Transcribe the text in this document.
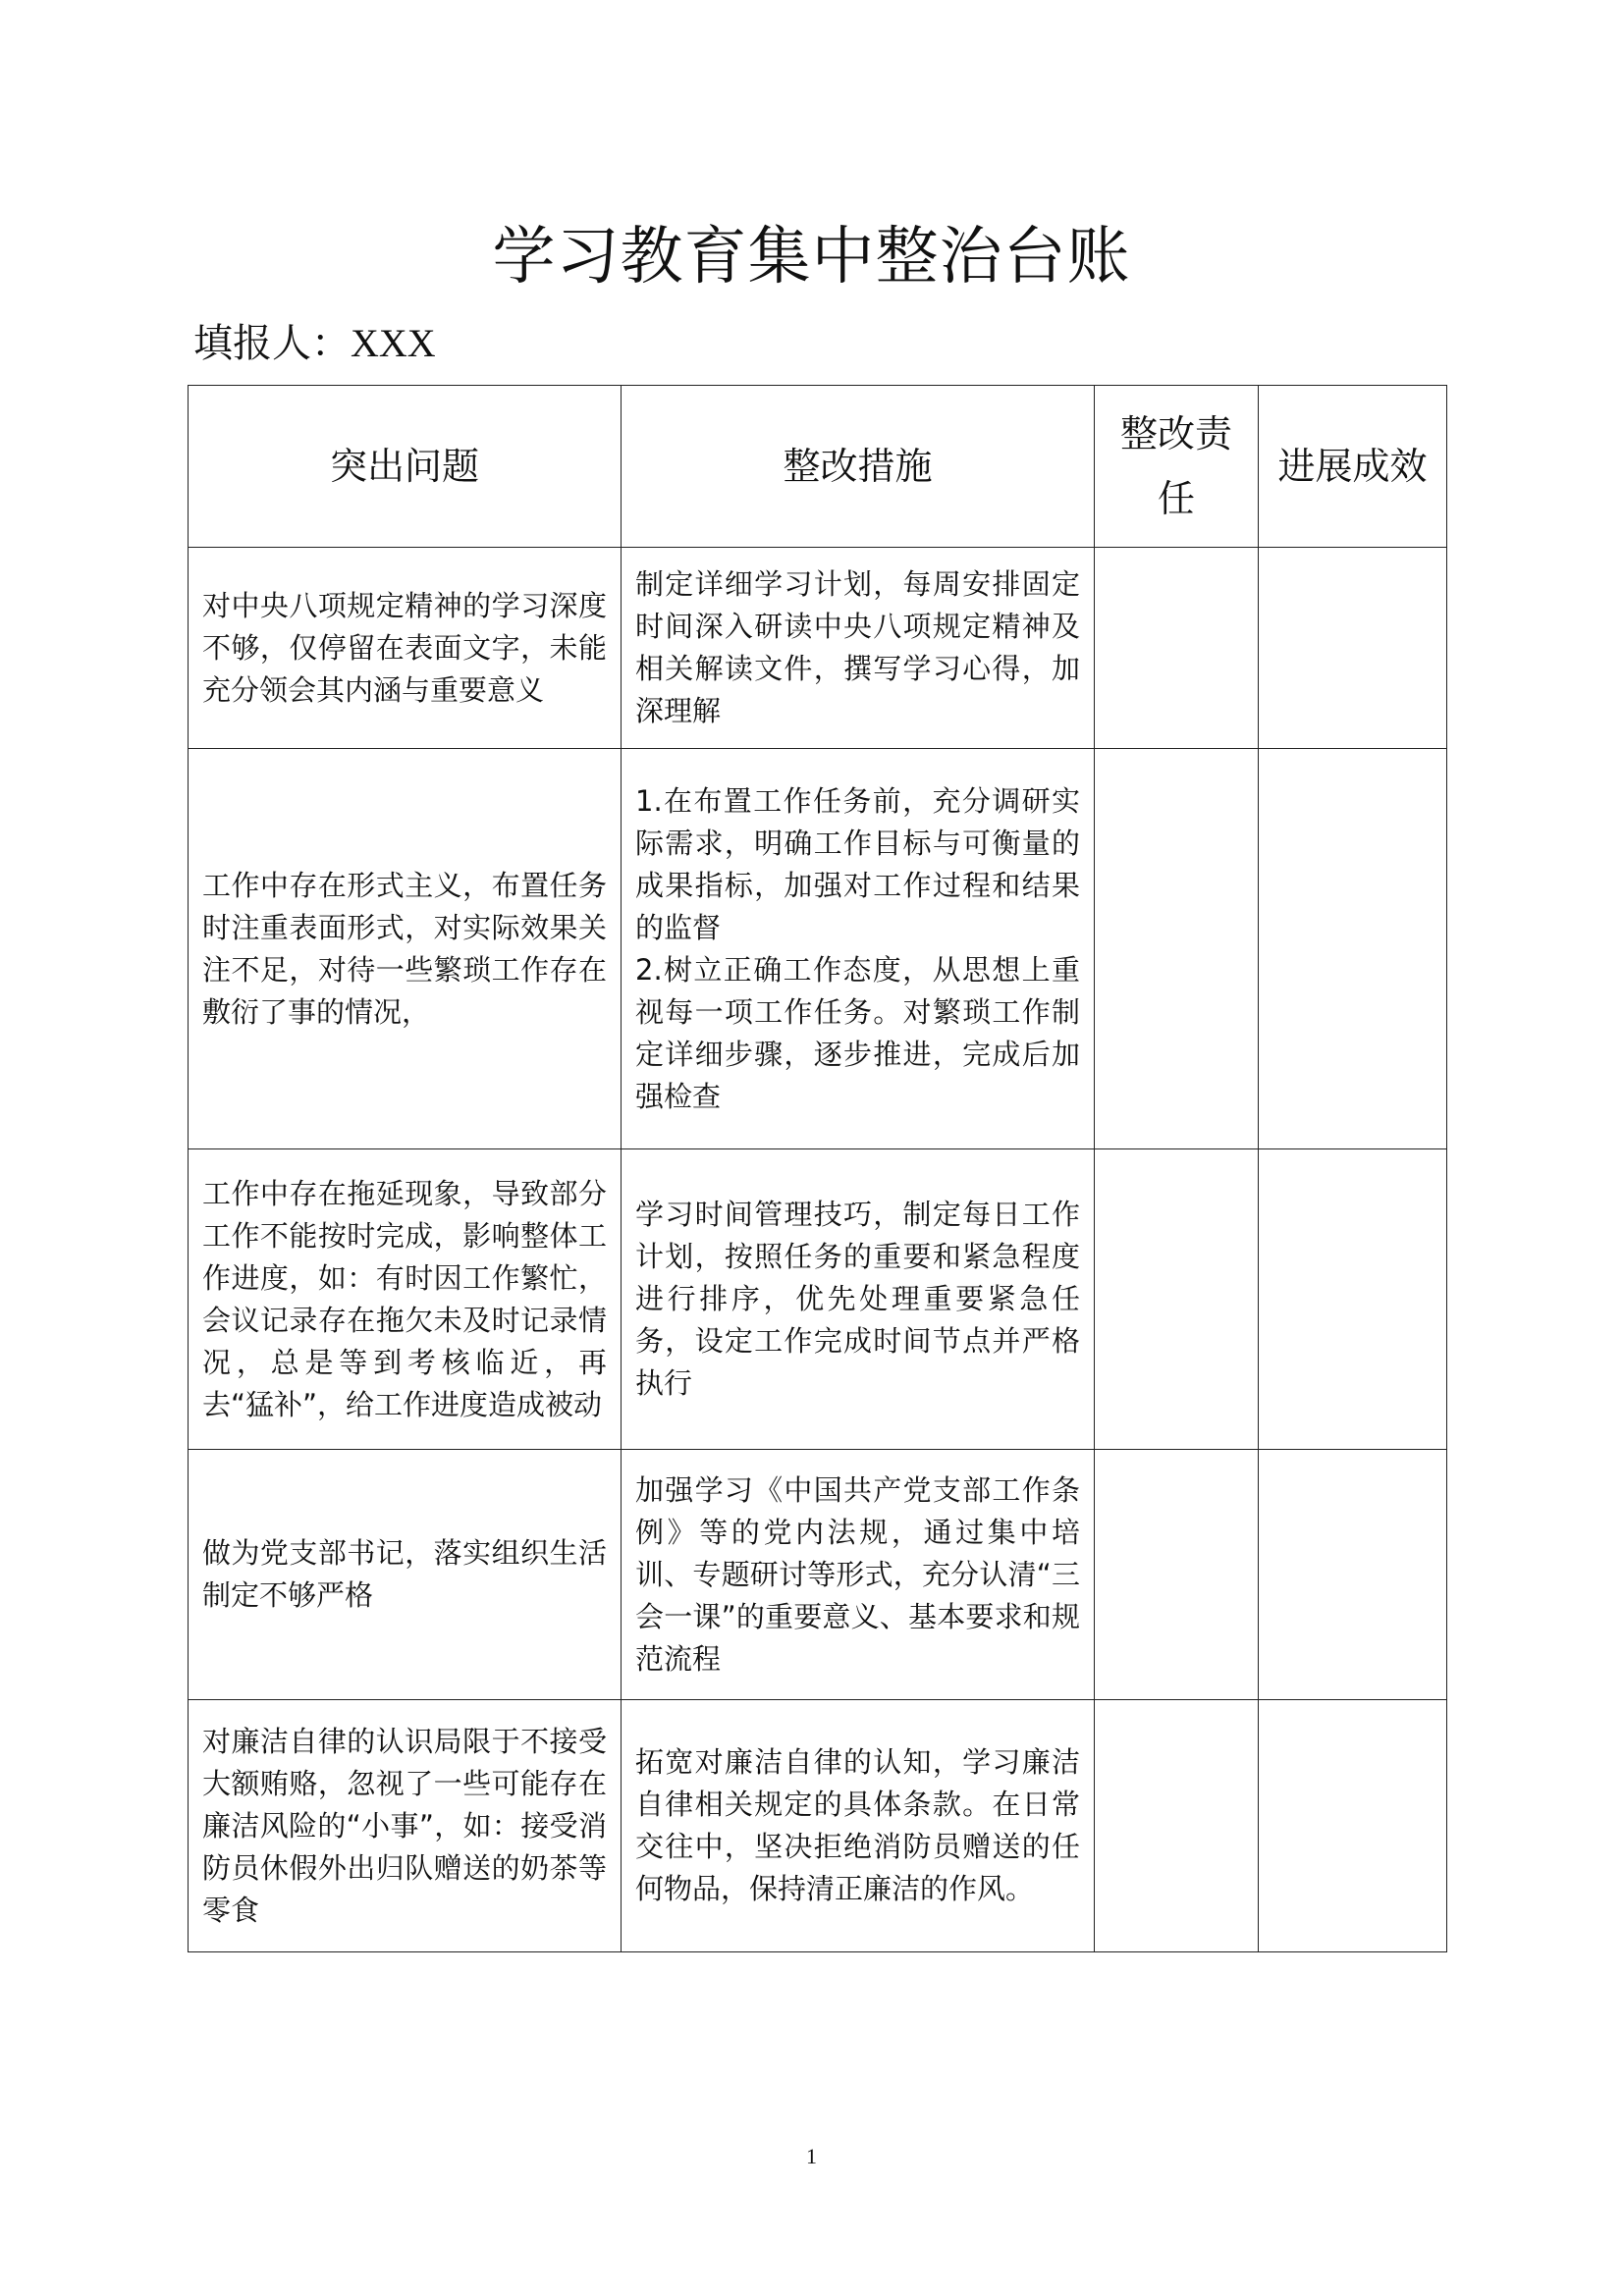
学习教育集中整治台账
填报人：XXX
突出问题	整改措施	整改责任	进展成效

对中央八项规定精神的学习深度不够，仅停留在表面文字，未能充分领会其内涵与重要意义	制定详细学习计划，每周安排固定时间深入研读中央八项规定精神及相关解读文件，撰写学习心得，加深理解		

工作中存在形式主义，布置任务时注重表面形式，对实际效果关注不足，对待一些繁琐工作存在敷衍了事的情况，	1.在布置工作任务前，充分调研实际需求，明确工作目标与可衡量的成果指标，加强对工作过程和结果的监督
2.树立正确工作态度，从思想上重视每一项工作任务。对繁琐工作制定详细步骤，逐步推进，完成后加强检查		

工作中存在拖延现象，导致部分工作不能按时完成，影响整体工作进度，如：有时因工作繁忙，会议记录存在拖欠未及时记录情况，总是等到考核临近，再去“猛补”，给工作进度造成被动	学习时间管理技巧，制定每日工作计划，按照任务的重要和紧急程度进行排序，优先处理重要紧急任务，设定工作完成时间节点并严格执行		

做为党支部书记，落实组织生活制定不够严格	加强学习《中国共产党支部工作条例》等的党内法规，通过集中培训、专题研讨等形式，充分认清“三会一课”的重要意义、基本要求和规范流程		

对廉洁自律的认识局限于不接受大额贿赂，忽视了一些可能存在廉洁风险的“小事”，如：接受消防员休假外出归队赠送的奶茶等零食	拓宽对廉洁自律的认知，学习廉洁自律相关规定的具体条款。在日常交往中，坚决拒绝消防员赠送的任何物品，保持清正廉洁的作风。		

1
